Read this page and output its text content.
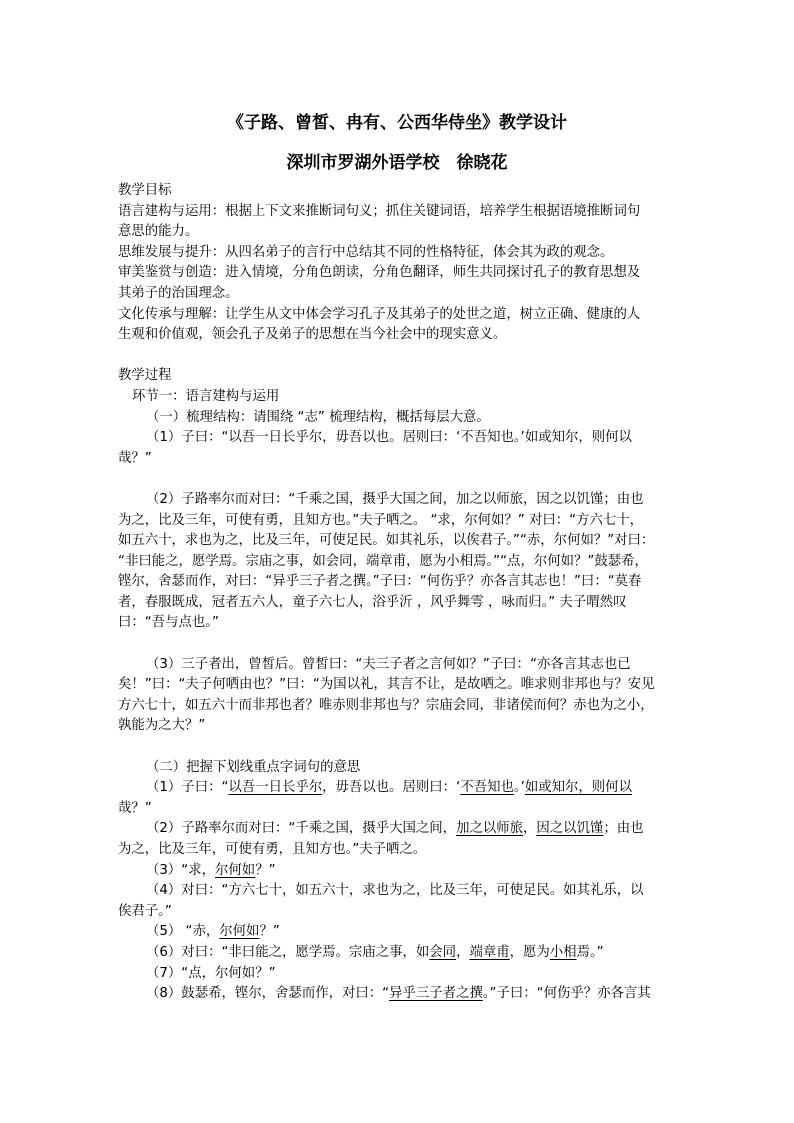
《子路、曾皙、冉有、公西华侍坐》教学设计
深圳市罗湖外语学校　徐晓花
教学目标
语言建构与运用：根据上下文来推断词句义；抓住关键词语，培养学生根据语境推断词句
意思的能力。
思维发展与提升：从四名弟子的言行中总结其不同的性格特征，体会其为政的观念。
审美鉴赏与创造：进入情境，分角色朗读，分角色翻译，师生共同探讨孔子的教育思想及
其弟子的治国理念。
文化传承与理解：让学生从文中体会学习孔子及其弟子的处世之道，树立正确、健康的人
生观和价值观，领会孔子及弟子的思想在当今社会中的现实意义。
教学过程
环节一：语言建构与运用
（一）梳理结构：请围绕 “志” 梳理结构，概括每层大意。
（1）子曰：“以吾一日长乎尔，毋吾以也。居则曰：‘不吾知也。’如或知尔，则何以
哉？”
（2）子路率尔而对曰：“千乘之国，摄乎大国之间，加之以师旅，因之以饥馑；由也
为之，比及三年，可使有勇，且知方也。”夫子哂之。 “求，尔何如？” 对曰：“方六七十，
如五六十，求也为之，比及三年，可使足民。如其礼乐，以俟君子。”“赤，尔何如？”对曰：
“非曰能之，愿学焉。宗庙之事，如会同，端章甫，愿为小相焉。”“点，尔何如？”鼓瑟希，
铿尔，舍瑟而作，对曰：“异乎三子者之撰。”子曰：“何伤乎？亦各言其志也！”曰：“莫春
者，春服既成，冠者五六人，童子六七人，浴乎沂 ，风乎舞雩 ，咏而归。” 夫子喟然叹
曰：“吾与点也。”
（3）三子者出，曾皙后。曾皙曰：“夫三子者之言何如？”子曰：“亦各言其志也已
矣！”曰：“夫子何哂由也？”曰：“为国以礼，其言不让，是故哂之。唯求则非邦也与？安见
方六七十，如五六十而非邦也者？唯赤则非邦也与？宗庙会同，非诸侯而何？赤也为之小，
孰能为之大？”
（二）把握下划线重点字词句的意思
（1）子曰：“以吾一日长乎尔，毋吾以也。居则曰：‘不吾知也。’如或知尔，则何以
哉？”
（2）子路率尔而对曰：“千乘之国，摄乎大国之间，加之以师旅，因之以饥馑；由也
为之，比及三年，可使有勇，且知方也。”夫子哂之。
（3）“求，尔何如？”
（4）对曰：“方六七十，如五六十，求也为之，比及三年，可使足民。如其礼乐，以
俟君子。”
（5） “赤，尔何如？”
（6）对曰：“非曰能之，愿学焉。宗庙之事，如会同，端章甫，愿为小相焉。”
（7）“点，尔何如？”
（8）鼓瑟希，铿尔，舍瑟而作，对曰：“异乎三子者之撰。”子曰：“何伤乎？亦各言其
